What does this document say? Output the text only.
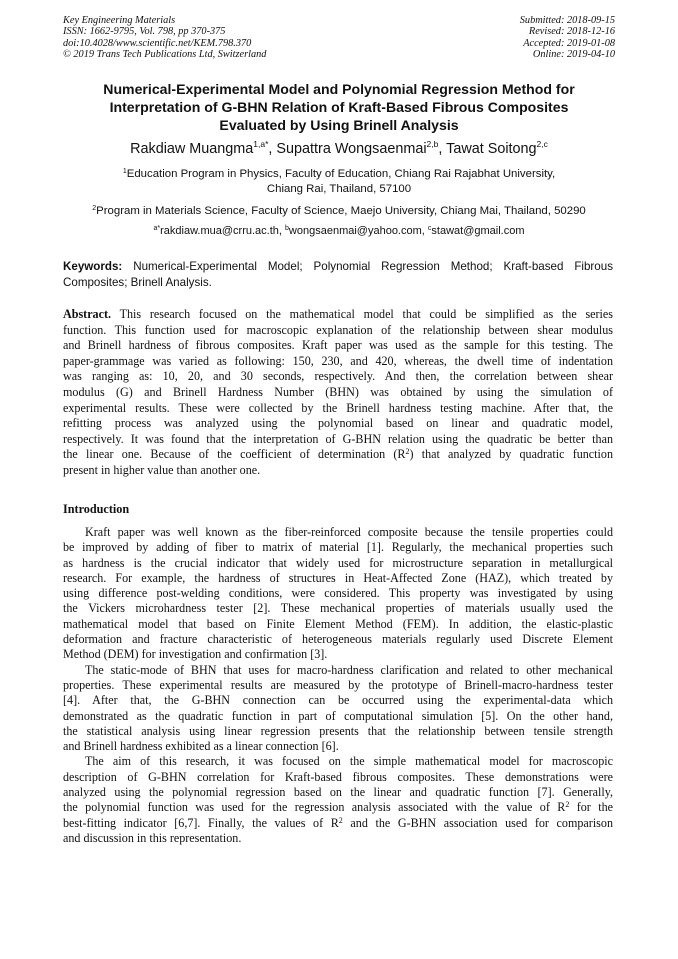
Key Engineering Materials
ISSN: 1662-9795, Vol. 798, pp 370-375
doi:10.4028/www.scientific.net/KEM.798.370
© 2019 Trans Tech Publications Ltd, Switzerland
Submitted: 2018-09-15
Revised: 2018-12-16
Accepted: 2019-01-08
Online: 2019-04-10
Numerical-Experimental Model and Polynomial Regression Method for
Interpretation of G-BHN Relation of Kraft-Based Fibrous Composites
Evaluated by Using Brinell Analysis
Rakdiaw Muangma$^{1,a*}$, Supattra Wongsaenmai$^{2,b}$, Tawat Soitong$^{2,c}$
$^1$Education Program in Physics, Faculty of Education, Chiang Rai Rajabhat University,
Chiang Rai, Thailand, 57100
$^2$Program in Materials Science, Faculty of Science, Maejo University, Chiang Mai, Thailand, 50290
$^{a*}$rakdiaw.mua@crru.ac.th, $^b$wongsaenmai@yahoo.com, $^c$stawat@gmail.com
Keywords: Numerical-Experimental Model; Polynomial Regression Method; Kraft-based Fibrous
Composites; Brinell Analysis.
Abstract. This research focused on the mathematical model that could be simplified as the series
function. This function used for macroscopic explanation of the relationship between shear modulus
and Brinell hardness of fibrous composites. Kraft paper was used as the sample for this testing. The
paper-grammage was varied as following: 150, 230, and 420, whereas, the dwell time of indentation
was ranging as: 10, 20, and 30 seconds, respectively. And then, the correlation between shear
modulus (G) and Brinell Hardness Number (BHN) was obtained by using the simulation of
experimental results. These were collected by the Brinell hardness testing machine. After that, the
refitting process was analyzed using the polynomial based on linear and quadratic model,
respectively. It was found that the interpretation of G-BHN relation using the quadratic be better than
the linear one. Because of the coefficient of determination $(R^2)$ that analyzed by quadratic function
present in higher value than another one.
Introduction
Kraft paper was well known as the fiber-reinforced composite because the tensile properties could
be improved by adding of fiber to matrix of material [1]. Regularly, the mechanical properties such
as hardness is the crucial indicator that widely used for microstructure separation in metallurgical
research. For example, the hardness of structures in Heat-Affected Zone (HAZ), which treated by
using difference post-welding conditions, were considered. This property was investigated by using
the Vickers microhardness tester [2]. These mechanical properties of materials usually used the
mathematical model that based on Finite Element Method (FEM). In addition, the elastic-plastic
deformation and fracture characteristic of heterogeneous materials regularly used Discrete Element
Method (DEM) for investigation and confirmation [3].
The static-mode of BHN that uses for macro-hardness clarification and related to other mechanical
properties. These experimental results are measured by the prototype of Brinell-macro-hardness tester
[4]. After that, the G-BHN connection can be occurred using the experimental-data which
demonstrated as the quadratic function in part of computational simulation [5]. On the other hand,
the statistical analysis using linear regression presents that the relationship between tensile strength
and Brinell hardness exhibited as a linear connection [6].
The aim of this research, it was focused on the simple mathematical model for macroscopic
description of G-BHN correlation for Kraft-based fibrous composites. These demonstrations were
analyzed using the polynomial regression based on the linear and quadratic function [7]. Generally,
the polynomial function was used for the regression analysis associated with the value of $R^2$ for the
best-fitting indicator [6,7]. Finally, the values of $R^2$ and the G-BHN association used for comparison
and discussion in this representation.
